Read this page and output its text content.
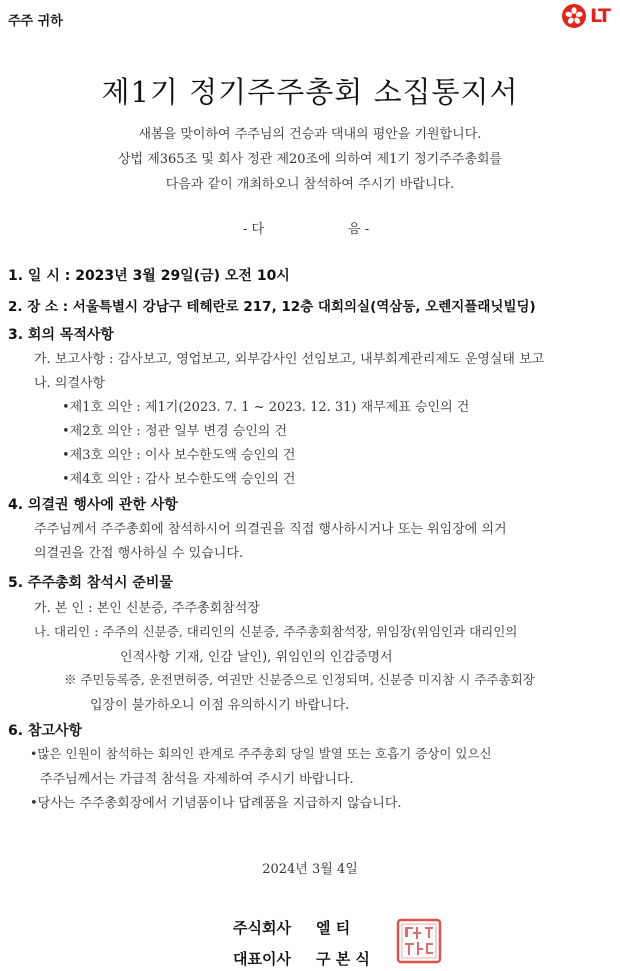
주주 귀하	LT
제1기 정기주주총회 소집통지서
새봄을 맞이하여 주주님의 건승과 댁내의 평안을 기원합니다.
상법 제365조 및 회사 정관 제20조에 의하여 제1기 정기주주총회를
다음과 같이 개최하오니 참석하여 주시기 바랍니다.
- 다	음 -
1. 일 시 : 2023년 3월 29일(금) 오전 10시
2. 장 소 : 서울특별시 강남구 테헤란로 217, 12층 대회의실(역삼동, 오렌지플래닛빌딩)
3. 회의 목적사항
가. 보고사항 : 감사보고, 영업보고, 외부감사인 선임보고, 내부회계관리제도 운영실태 보고
나. 의결사항
•제1호 의안 : 제1기(2023. 7. 1 ~ 2023. 12. 31) 재무제표 승인의 건
•제2호 의안 : 정관 일부 변경 승인의 건
•제3호 의안 : 이사 보수한도액 승인의 건
•제4호 의안 : 감사 보수한도액 승인의 건
4. 의결권 행사에 관한 사항
주주님께서 주주총회에 참석하시어 의결권을 직접 행사하시거나 또는 위임장에 의거
의결권을 간접 행사하실 수 있습니다.
5. 주주총회 참석시 준비물
가. 본 인 : 본인 신분증, 주주총회참석장
나. 대리인 : 주주의 신분증, 대리인의 신분증, 주주총회참석장, 위임장(위임인과 대리인의
인적사항 기재, 인감 날인), 위임인의 인감증명서
※ 주민등록증, 운전면허증, 여권만 신분증으로 인정되며, 신분증 미지참 시 주주총회장
입장이 불가하오니 이점 유의하시기 바랍니다.
6. 참고사항
•많은 인원이 참석하는 회의인 관계로 주주총회 당일 발열 또는 호흡기 증상이 있으신
주주님께서는 가급적 참석을 자제하여 주시기 바랍니다.
•당사는 주주총회장에서 기념품이나 답례품을 지급하지 않습니다.
2024년 3월 4일
주식회사 엘 티
대표이사 구 본 식
